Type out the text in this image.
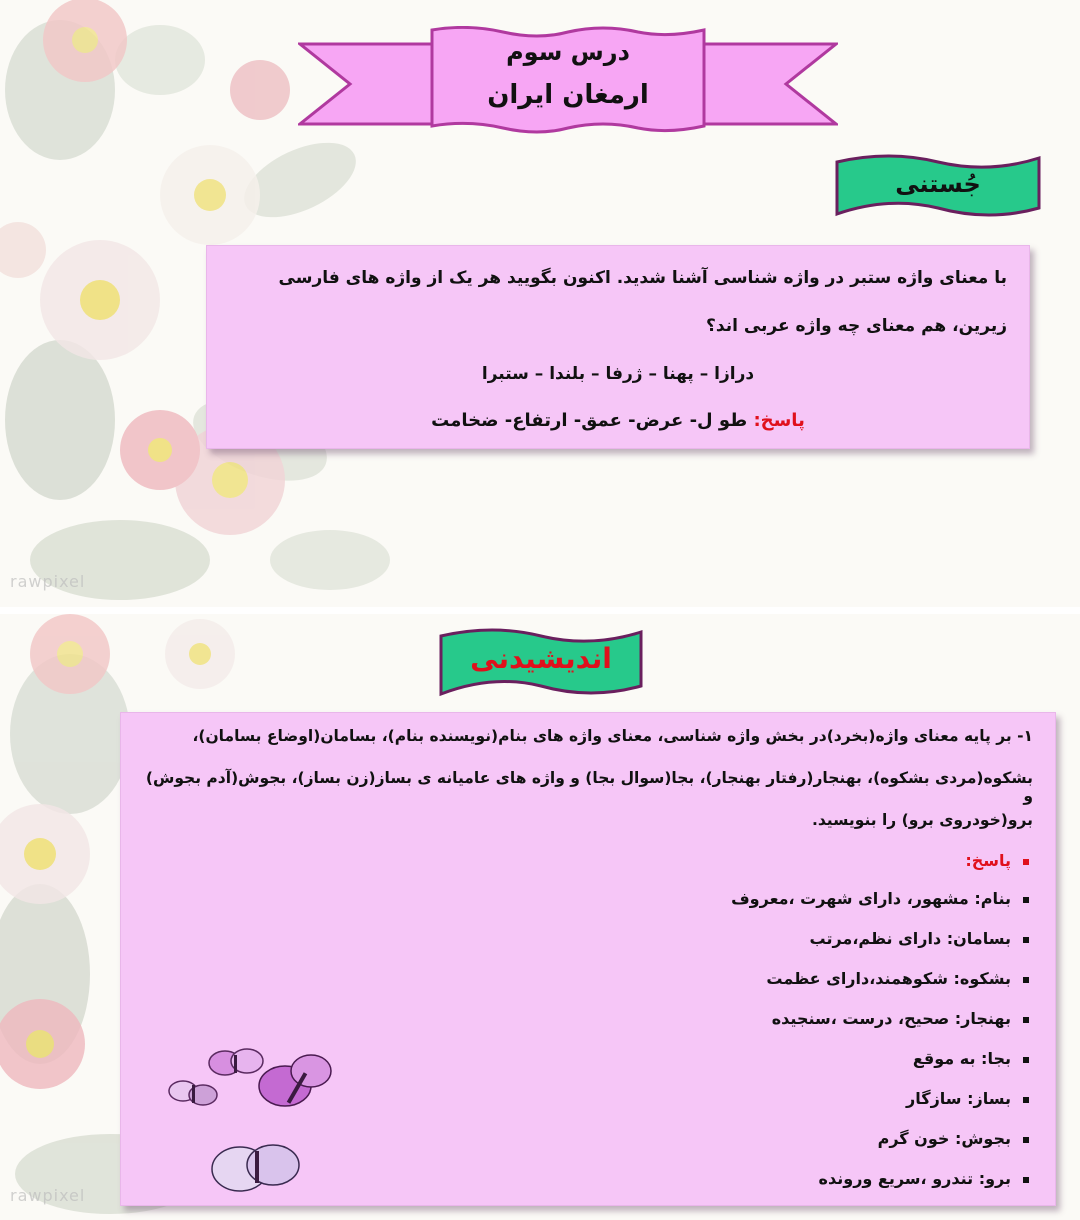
rawpixel
درس سوم
ارمغان ایران
جُستنی
با معنای واژه ستبر در واژه شناسی آشنا شدید. اکنون بگویید هر یک از واژه های فارسی
زیرین، هم معنای چه واژه عربی اند؟
درازا – پهنا – ژرفا – بلندا – ستبرا
پاسخ: طو ل- عرض- عمق- ارتفاع- ضخامت
rawpixel
اندیشیدنی
۱- بر پایه معنای واژه(بخرد)در بخش واژه شناسی، معنای واژه های بنام(نویسنده بنام)، بسامان(اوضاع بسامان)،
بشکوه(مردی بشکوه)، بهنجار(رفتار بهنجار)، بجا(سوال بجا) و واژه های عامیانه ی بساز(زن بساز)، بجوش(آدم بجوش) و
برو(خودروی برو) را بنویسید.
پاسخ:
بنام: مشهور، دارای شهرت ،معروف
بسامان: دارای نظم،مرتب
بشکوه: شکوهمند،دارای عظمت
بهنجار: صحیح، درست ،سنجیده
بجا: به موقع
بساز: سازگار
بجوش: خون گرم
برو: تندرو ،سریع ورونده
